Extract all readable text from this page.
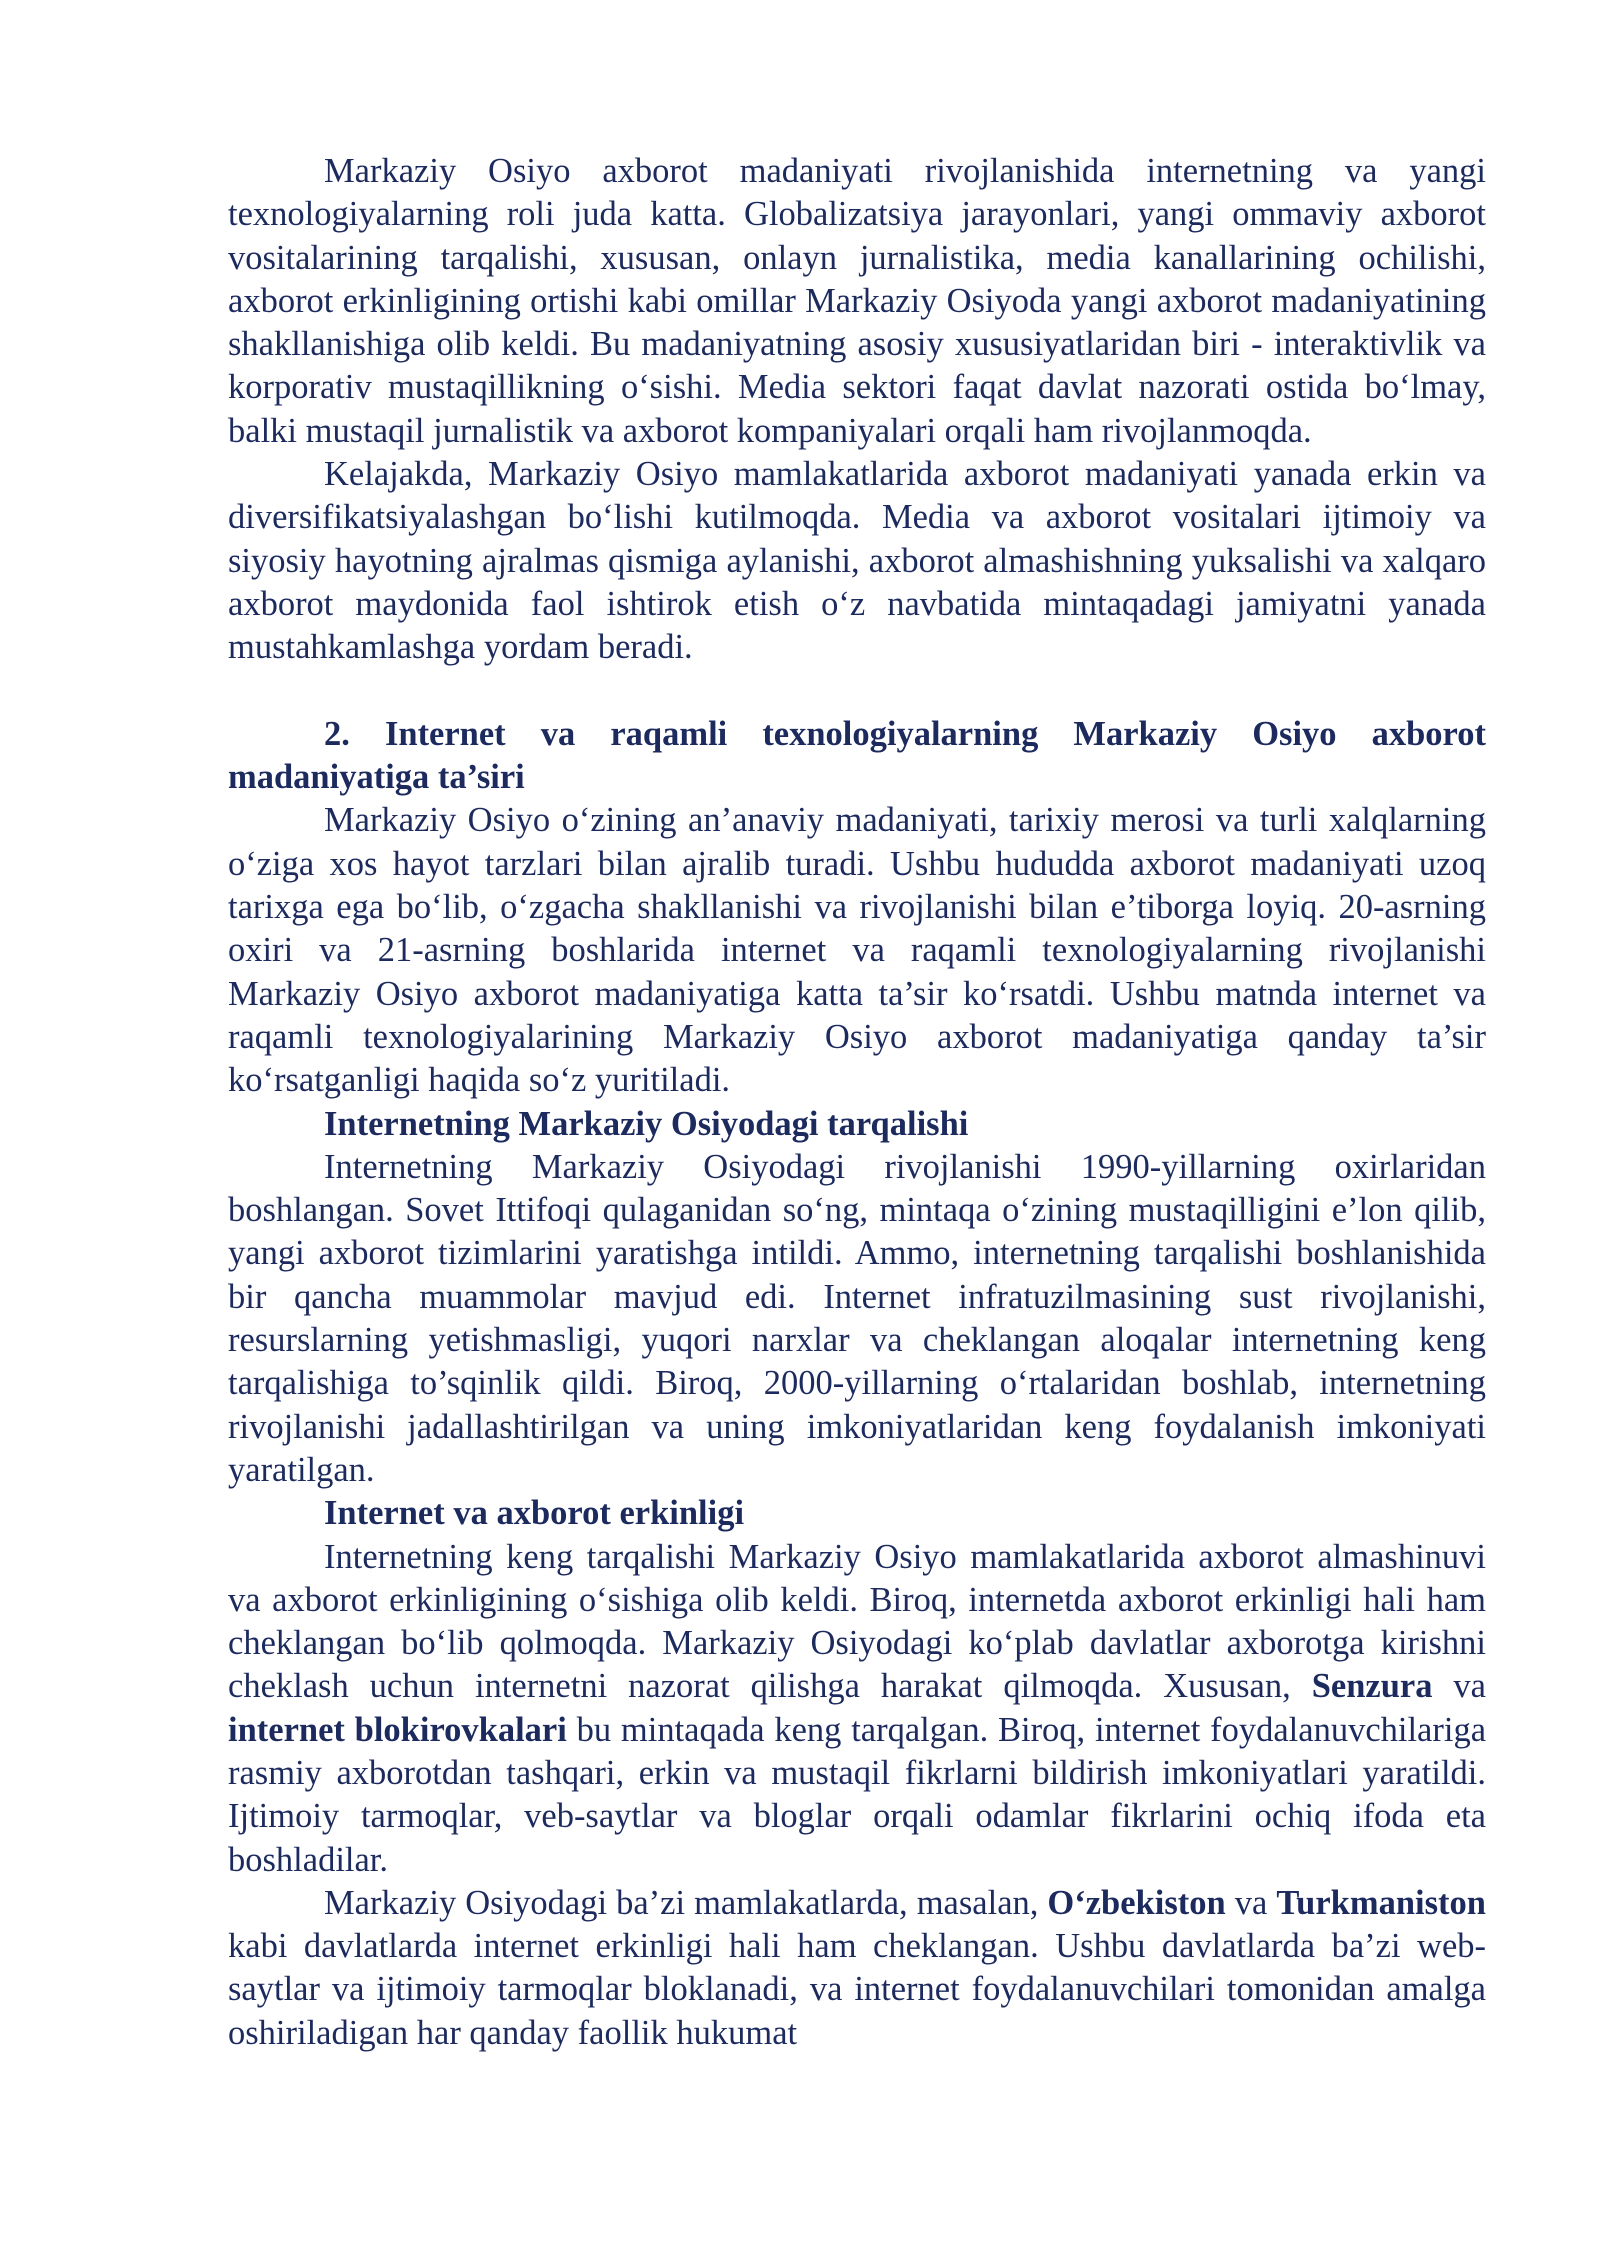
Markaziy Osiyo axborot madaniyati rivojlanishida internetning va yangi texnologiyalarning roli juda katta. Globalizatsiya jarayonlari, yangi ommaviy axborot vositalarining tarqalishi, xususan, onlayn jurnalistika, media kanallarining ochilishi, axborot erkinligining ortishi kabi omillar Markaziy Osiyoda yangi axborot madaniyatining shakllanishiga olib keldi. Bu madaniyatning asosiy xususiyatlaridan biri - interaktivlik va korporativ mustaqillikning o‘sishi. Media sektori faqat davlat nazorati ostida bo‘lmay, balki mustaqil jurnalistik va axborot kompaniyalari orqali ham rivojlanmoqda.

Kelajakda, Markaziy Osiyo mamlakatlarida axborot madaniyati yanada erkin va diversifikatsiyalashgan bo‘lishi kutilmoqda. Media va axborot vositalari ijtimoiy va siyosiy hayotning ajralmas qismiga aylanishi, axborot almashishning yuksalishi va xalqaro axborot maydonida faol ishtirok etish o‘z navbatida mintaqadagi jamiyatni yanada mustahkamlashga yordam beradi.

2. Internet va raqamli texnologiyalarning Markaziy Osiyo axborot madaniyatiga ta’siri

Markaziy Osiyo o‘zining an’anaviy madaniyati, tarixiy merosi va turli xalqlarning o‘ziga xos hayot tarzlari bilan ajralib turadi. Ushbu hududda axborot madaniyati uzoq tarixga ega bo‘lib, o‘zgacha shakllanishi va rivojlanishi bilan e’tiborga loyiq. 20-asrning oxiri va 21-asrning boshlarida internet va raqamli texnologiyalarning rivojlanishi Markaziy Osiyo axborot madaniyatiga katta ta’sir ko‘rsatdi. Ushbu matnda internet va raqamli texnologiyalarining Markaziy Osiyo axborot madaniyatiga qanday ta’sir ko‘rsatganligi haqida so‘z yuritiladi.

Internetning Markaziy Osiyodagi tarqalishi

Internetning Markaziy Osiyodagi rivojlanishi 1990-yillarning oxirlaridan boshlangan. Sovet Ittifoqi qulaganidan so‘ng, mintaqa o‘zining mustaqilligini e’lon qilib, yangi axborot tizimlarini yaratishga intildi. Ammo, internetning tarqalishi boshlanishida bir qancha muammolar mavjud edi. Internet infratuzilmasining sust rivojlanishi, resurslarning yetishmasligi, yuqori narxlar va cheklangan aloqalar internetning keng tarqalishiga to’sqinlik qildi. Biroq, 2000-yillarning o‘rtalaridan boshlab, internetning rivojlanishi jadallashtirilgan va uning imkoniyatlaridan keng foydalanish imkoniyati yaratilgan.

Internet va axborot erkinligi

Internetning keng tarqalishi Markaziy Osiyo mamlakatlarida axborot almashinuvi va axborot erkinligining o‘sishiga olib keldi. Biroq, internetda axborot erkinligi hali ham cheklangan bo‘lib qolmoqda. Markaziy Osiyodagi ko‘plab davlatlar axborotga kirishni cheklash uchun internetni nazorat qilishga harakat qilmoqda. Xususan, Senzura va internet blokirovkalari bu mintaqada keng tarqalgan. Biroq, internet foydalanuvchilariga rasmiy axborotdan tashqari, erkin va mustaqil fikrlarni bildirish imkoniyatlari yaratildi. Ijtimoiy tarmoqlar, veb-saytlar va bloglar orqali odamlar fikrlarini ochiq ifoda eta boshladilar.

Markaziy Osiyodagi ba’zi mamlakatlarda, masalan, O‘zbekiston va Turkmaniston kabi davlatlarda internet erkinligi hali ham cheklangan. Ushbu davlatlarda ba’zi web-saytlar va ijtimoiy tarmoqlar bloklanadi, va internet foydalanuvchilari tomonidan amalga oshiriladigan har qanday faollik hukumat
